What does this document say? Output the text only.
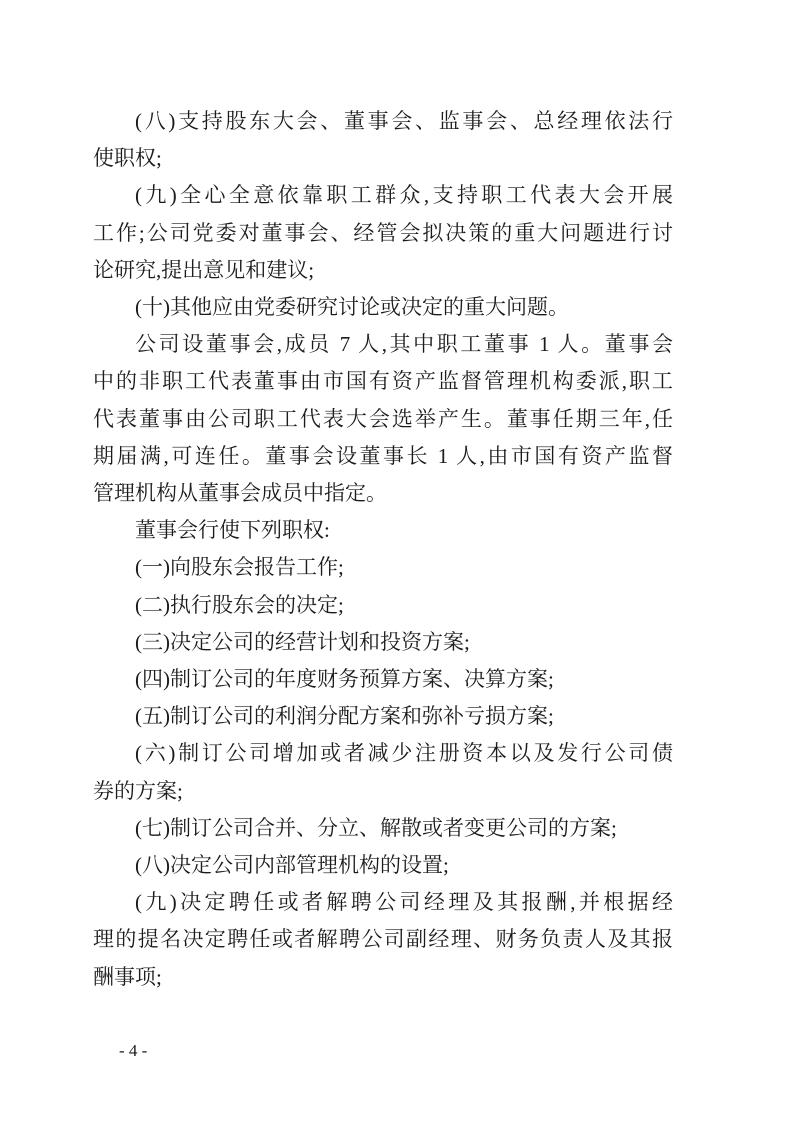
(八)支持股东大会、董事会、监事会、总经理依法行
使职权;
(九)全心全意依靠职工群众,支持职工代表大会开展
工作;公司党委对董事会、经管会拟决策的重大问题进行讨
论研究,提出意见和建议;
(十)其他应由党委研究讨论或决定的重大问题。
公司设董事会,成员 7 人,其中职工董事 1 人。董事会
中的非职工代表董事由市国有资产监督管理机构委派,职工
代表董事由公司职工代表大会选举产生。董事任期三年,任
期届满,可连任。董事会设董事长 1 人,由市国有资产监督
管理机构从董事会成员中指定。
董事会行使下列职权:
(一)向股东会报告工作;
(二)执行股东会的决定;
(三)决定公司的经营计划和投资方案;
(四)制订公司的年度财务预算方案、决算方案;
(五)制订公司的利润分配方案和弥补亏损方案;
(六)制订公司增加或者减少注册资本以及发行公司债
券的方案;
(七)制订公司合并、分立、解散或者变更公司的方案;
(八)决定公司内部管理机构的设置;
(九)决定聘任或者解聘公司经理及其报酬,并根据经
理的提名决定聘任或者解聘公司副经理、财务负责人及其报
酬事项;
- 4 -
